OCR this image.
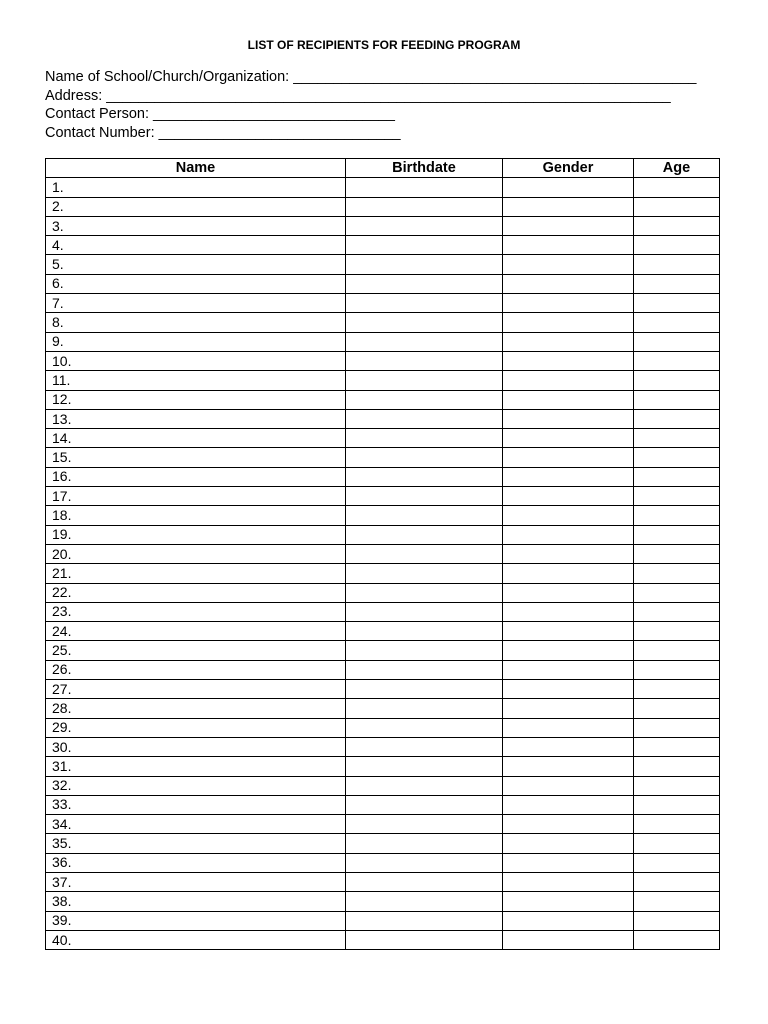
LIST OF RECIPIENTS FOR FEEDING PROGRAM
Name of School/Church/Organization: __________________________________________________
Address: ______________________________________________________________________
Contact Person: ______________________________
Contact Number: ______________________________
Name	Birthdate	Gender	Age
1.			
2.			
3.			
4.			
5.			
6.			
7.			
8.			
9.			
10.			
11.			
12.			
13.			
14.			
15.			
16.			
17.			
18.			
19.			
20.			
21.			
22.			
23.			
24.			
25.			
26.			
27.			
28.			
29.			
30.			
31.			
32.			
33.			
34.			
35.			
36.			
37.			
38.			
39.			
40.			
